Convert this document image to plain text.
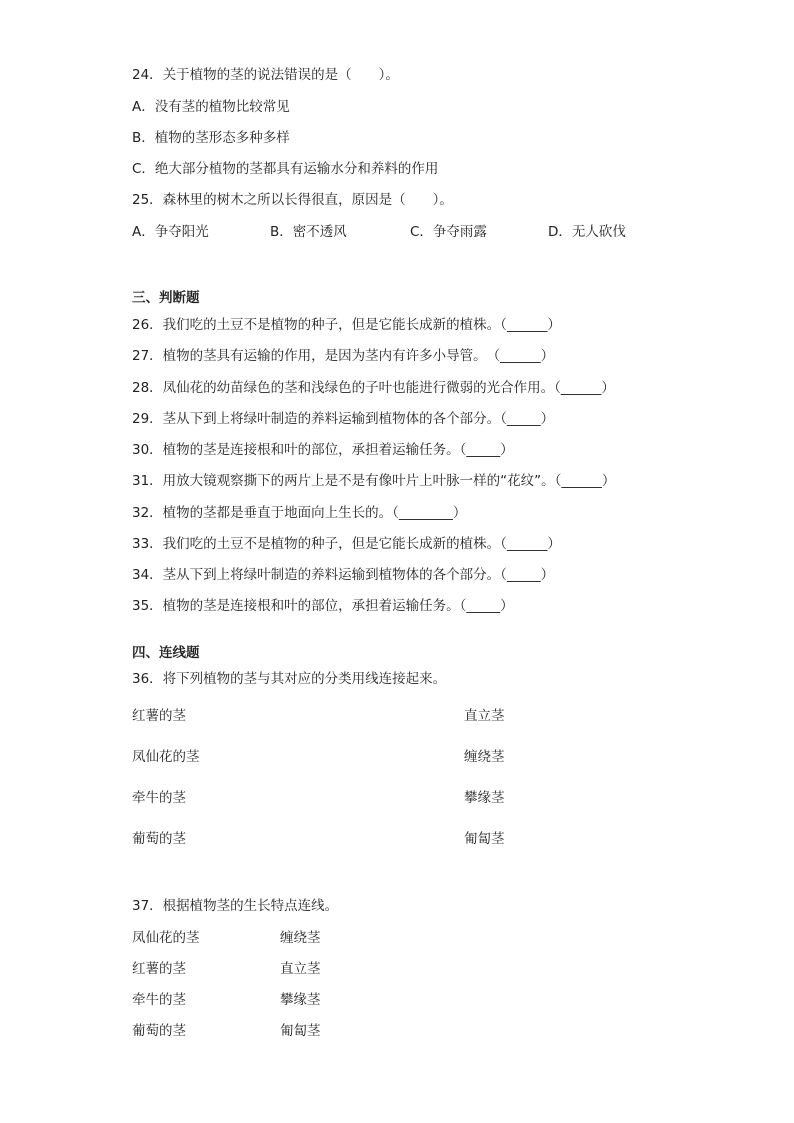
24．关于植物的茎的说法错误的是（　　）。
A．没有茎的植物比较常见
B．植物的茎形态多种多样
C．绝大部分植物的茎都具有运输水分和养料的作用
25．森林里的树木之所以长得很直，原因是（　　）。
A．争夺阳光	B．密不透风	C．争夺雨露	D．无人砍伐
三、判断题
26．我们吃的土豆不是植物的种子，但是它能长成新的植株。（______）
27．植物的茎具有运输的作用，是因为茎内有许多小导管。　（______）
28．凤仙花的幼苗绿色的茎和浅绿色的子叶也能进行微弱的光合作用。（______）
29．茎从下到上将绿叶制造的养料运输到植物体的各个部分。（_____）
30．植物的茎是连接根和叶的部位，承担着运输任务。（_____）
31．用放大镜观察撕下的两片上是不是有像叶片上叶脉一样的“花纹”。（______）
32．植物的茎都是垂直于地面向上生长的。（________）
33．我们吃的土豆不是植物的种子，但是它能长成新的植株。（______）
34．茎从下到上将绿叶制造的养料运输到植物体的各个部分。（_____）
35．植物的茎是连接根和叶的部位，承担着运输任务。（_____）
四、连线题
36．将下列植物的茎与其对应的分类用线连接起来。
红薯的茎	直立茎
凤仙花的茎	缠绕茎
牵牛的茎	攀缘茎
葡萄的茎	匍匐茎
37．根据植物茎的生长特点连线。
凤仙花的茎	缠绕茎
红薯的茎	直立茎
牵牛的茎	攀缘茎
葡萄的茎	匍匐茎
